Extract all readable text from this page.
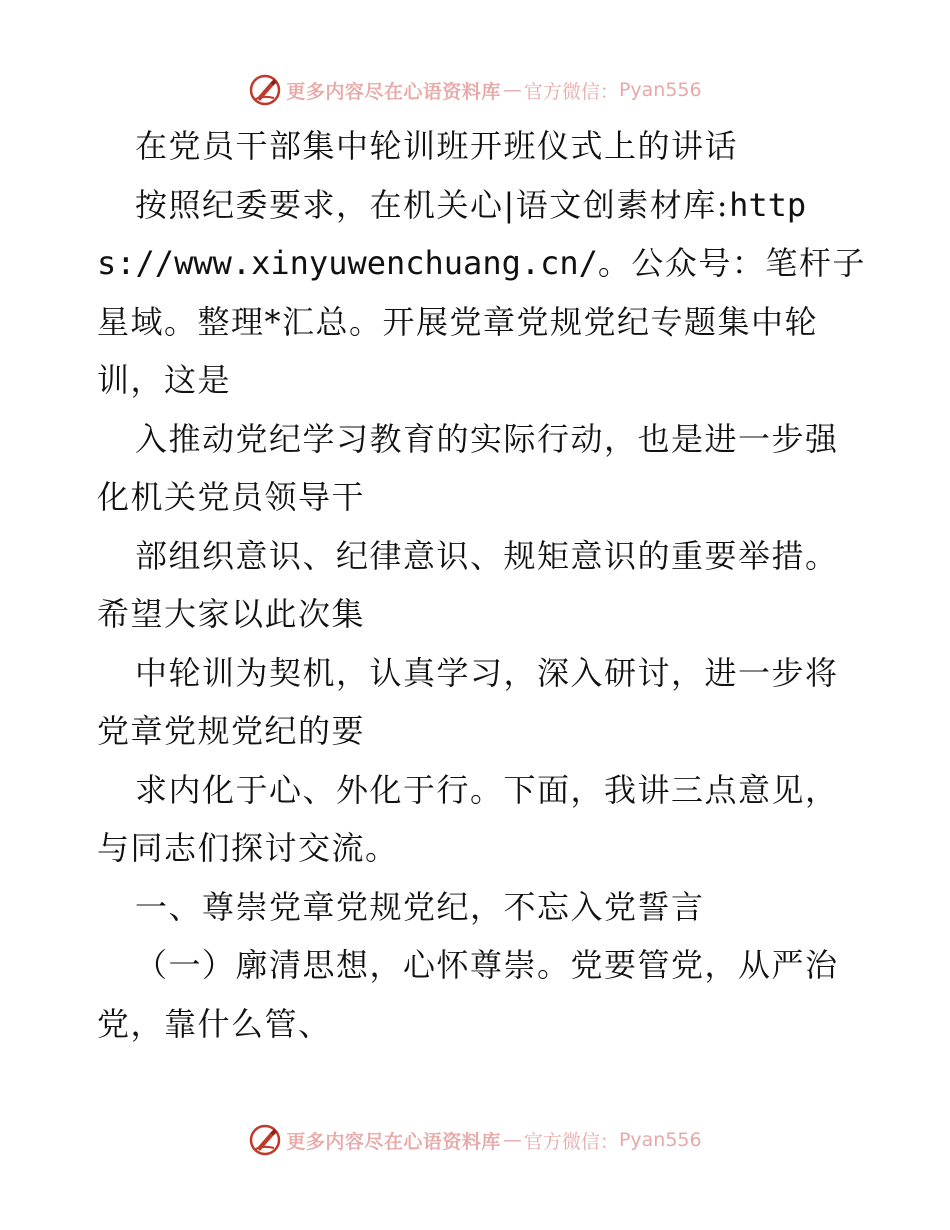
更多内容尽在心语资料库 — 官方微信： Pyan556

在党员干部集中轮训班开班仪式上的讲话

按照纪委要求，在机关心|语文创素材库:https://www.xinyuwenchuang.cn/。公众号：笔杆子星域。整理*汇总。开展党章党规党纪专题集中轮训，这是

入推动党纪学习教育的实际行动，也是进一步强化机关党员领导干

部组织意识、纪律意识、规矩意识的重要举措。希望大家以此次集

中轮训为契机，认真学习，深入研讨，进一步将党章党规党纪的要

求内化于心、外化于行。下面，我讲三点意见，与同志们探讨交流。

一、尊崇党章党规党纪，不忘入党誓言

（一）廓清思想，心怀尊崇。党要管党，从严治党，靠什么管、

更多内容尽在心语资料库 — 官方微信： Pyan556
